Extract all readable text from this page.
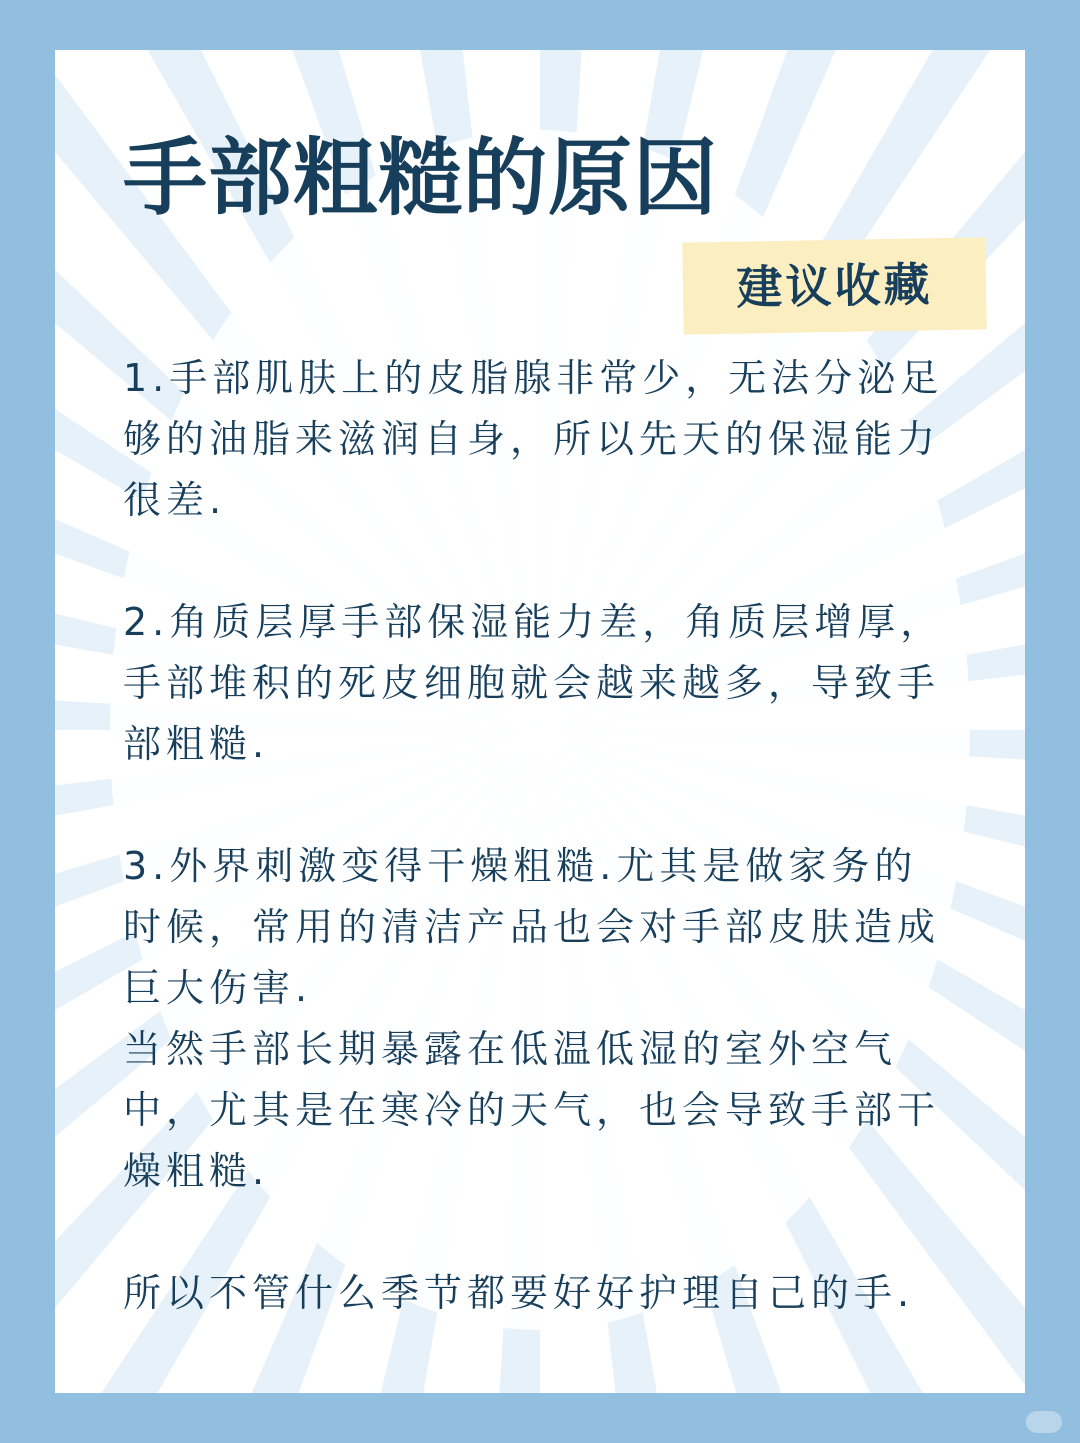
手部粗糙的原因
建议收藏

1.手部肌肤上的皮脂腺非常少，无法分泌足
够的油脂来滋润自身，所以先天的保湿能力
很差.

2.角质层厚手部保湿能力差，角质层增厚，
手部堆积的死皮细胞就会越来越多，导致手
部粗糙.

3.外界刺激变得干燥粗糙.尤其是做家务的
时候，常用的清洁产品也会对手部皮肤造成
巨大伤害.

当然手部长期暴露在低温低湿的室外空气
中，尤其是在寒冷的天气，也会导致手部干
燥粗糙.

所以不管什么季节都要好好护理自己的手.
